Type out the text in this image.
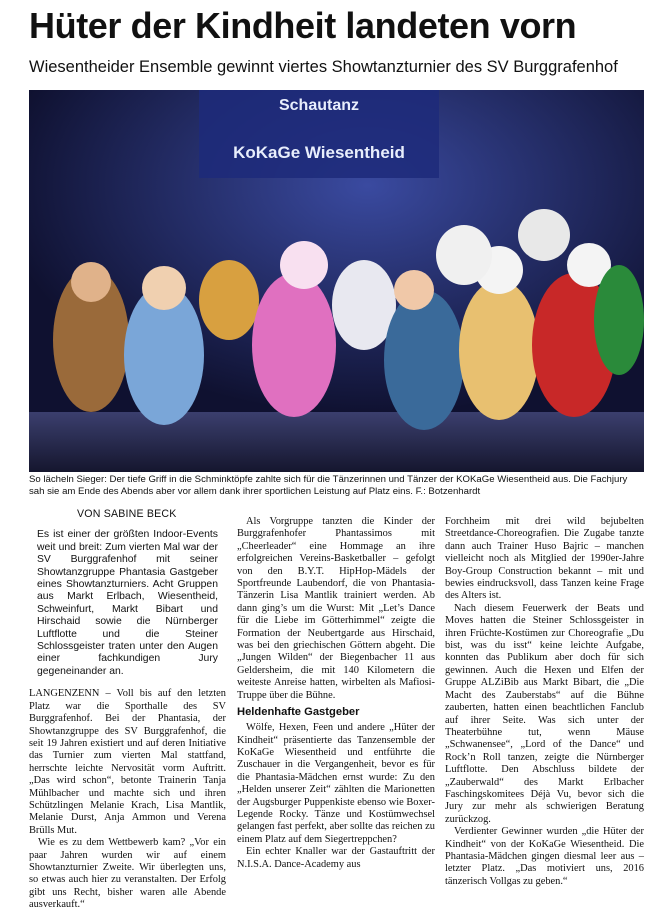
Hüter der Kindheit landeten vorn
Wiesentheider Ensemble gewinnt viertes Showtanzturnier des SV Burggrafenhof
Schautanz
KoKaGe Wiesentheid
So lächeln Sieger: Der tiefe Griff in die Schminktöpfe zahlte sich für die Tänzerinnen und Tänzer der KOKaGe Wiesentheid aus. Die Fachjury sah sie am Ende des Abends aber vor allem dank ihrer sportlichen Leistung auf Platz eins. F.: Botzenhardt
VON SABINE BECK
Es ist einer der größten Indoor-Events weit und breit: Zum vierten Mal war der SV Burggrafenhof mit seiner Showtanzgruppe Phantasia Gastgeber eines Showtanzturniers. Acht Gruppen aus Markt Erlbach, Wiesentheid, Schweinfurt, Markt Bibart und Hirschaid sowie die Nürnberger Luftflotte und die Steiner Schlossgeister traten unter den Augen einer fachkundigen Jury gegeneinander an.

LANGENZENN – Voll bis auf den letzten Platz war die Sporthalle des SV Burggrafenhof. Bei der Phantasia, der Showtanzgruppe des SV Burggrafenhof, die seit 19 Jahren existiert und auf deren Initiative das Turnier zum vierten Mal stattfand, herrschte leichte Nervosität vorm Auftritt. „Das wird schon“, betonte Trainerin Tanja Mühlbacher und machte sich und ihren Schützlingen Melanie Krach, Lisa Mantlik, Melanie Durst, Anja Ammon und Verena Brülls Mut.

Wie es zu dem Wettbewerb kam? „Vor ein paar Jahren wurden wir auf einem Showtanzturnier Zweite. Wir überlegten uns, so etwas auch hier zu veranstalten. Der Erfolg gibt uns Recht, bisher waren alle Abende ausverkauft.“

Als Vorgruppe tanzten die Kinder der Burggrafenhofer Phantassimos mit „Cheerleader“ eine Hommage an ihre erfolgreichen Vereins-Basketballer – gefolgt von den B.Y.T. HipHop-Mädels der Sportfreunde Laubendorf, die von Phantasia-Tänzerin Lisa Mantlik trainiert werden. Ab dann ging’s um die Wurst: Mit „Let’s Dance für die Liebe im Götterhimmel“ zeigte die Formation der Neubertgarde aus Hirschaid, was bei den griechischen Göttern abgeht. Die „Jungen Wilden“ der Biegenbacher 11 aus Geldersheim, die mit 140 Kilometern die weiteste Anreise hatten, wirbelten als Mafiosi-Truppe über die Bühne.

Heldenhafte Gastgeber

Wölfe, Hexen, Feen und andere „Hüter der Kindheit“ präsentierte das Tanzensemble der KoKaGe Wiesentheid und entführte die Zuschauer in die Vergangenheit, bevor es für die Phantasia-Mädchen ernst wurde: Zu den „Helden unserer Zeit“ zählten die Marionetten der Augsburger Puppenkiste ebenso wie Boxer-Legende Rocky. Tänze und Kostümwechsel gelangen fast perfekt, aber sollte das reichen zu einem Platz auf dem Siegertreppchen?

Ein echter Knaller war der Gastauftritt der N.I.S.A. Dance-Academy aus

Forchheim mit drei wild bejubelten Streetdance-Choreografien. Die Zugabe tanzte dann auch Trainer Huso Bajric – manchen vielleicht noch als Mitglied der 1990er-Jahre Boy-Group Construction bekannt – mit und bewies eindrucksvoll, dass Tanzen keine Frage des Alters ist.

Nach diesem Feuerwerk der Beats und Moves hatten die Steiner Schlossgeister in ihren Früchte-Kostümen zur Choreografie „Du bist, was du isst“ keine leichte Aufgabe, konnten das Publikum aber doch für sich gewinnen. Auch die Hexen und Elfen der Gruppe ALZiBib aus Markt Bibart, die „Die Macht des Zauberstabs“ auf die Bühne zauberten, hatten einen beachtlichen Fanclub auf ihrer Seite. Was sich unter der Theaterbühne tut, wenn Mäuse „Schwanensee“, „Lord of the Dance“ und Rock’n Roll tanzen, zeigte die Nürnberger Luftflotte. Den Abschluss bildete der „Zauberwald“ des Markt Erlbacher Faschingskomitees Déjà Vu, bevor sich die Jury zur mehr als schwierigen Beratung zurückzog.

Verdienter Gewinner wurden „die Hüter der Kindheit“ von der KoKaGe Wiesentheid. Die Phantasia-Mädchen gingen diesmal leer aus – letzter Platz. „Das motiviert uns, 2016 tänzerisch Vollgas zu geben.“
